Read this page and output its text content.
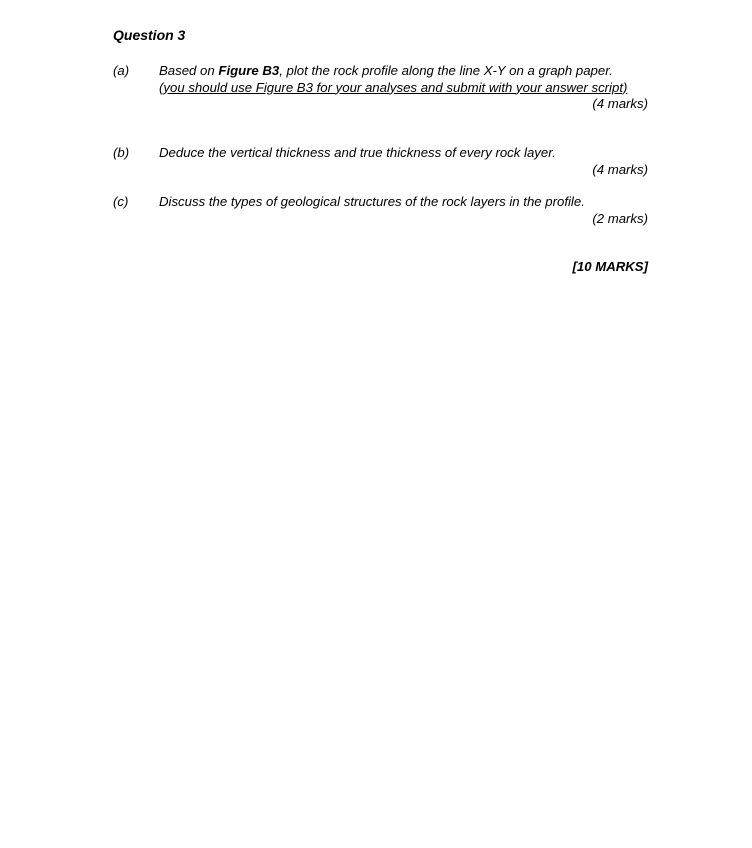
Question 3
(a) Based on Figure B3, plot the rock profile along the line X-Y on a graph paper.
(you should use Figure B3 for your analyses and submit with your answer script)
(4 marks)
(b) Deduce the vertical thickness and true thickness of every rock layer.
(4 marks)
(c) Discuss the types of geological structures of the rock layers in the profile.
(2 marks)
[10 MARKS]
